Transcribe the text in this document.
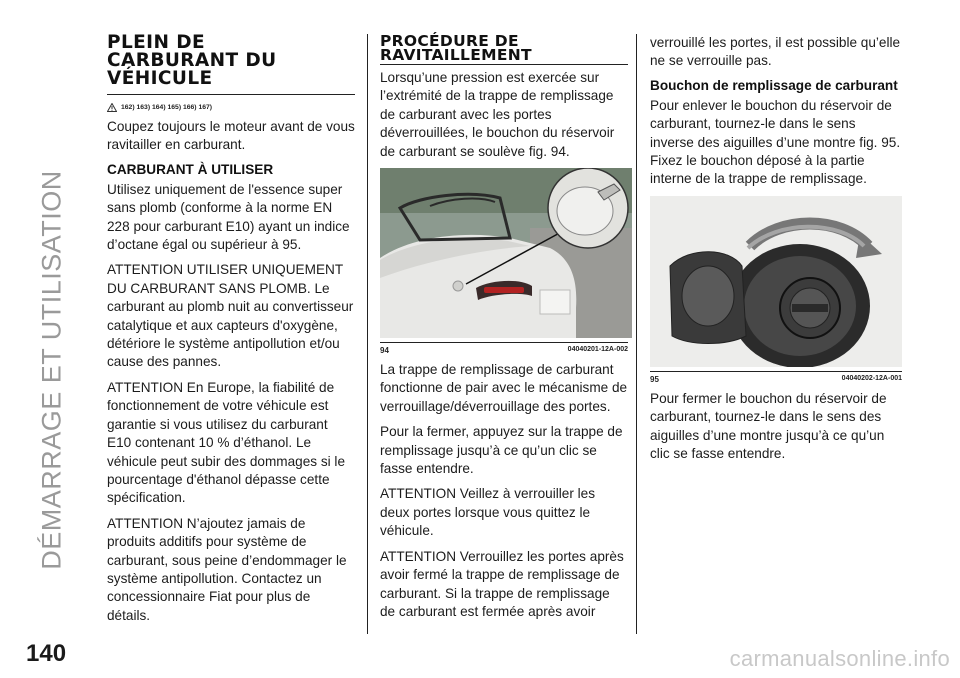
DÉMARRAGE ET UTILISATION
140	carmanualsonline.info
PLEIN DE
CARBURANT DU
VÉHICULE
162) 163) 164) 165) 166) 167)

Coupez toujours le moteur avant de vous ravitailler en carburant.

CARBURANT À UTILISER

Utilisez uniquement de l'essence super sans plomb (conforme à la norme EN 228 pour carburant E10) ayant un indice d’octane égal ou supérieur à 95.

ATTENTION UTILISER UNIQUEMENT DU CARBURANT SANS PLOMB. Le carburant au plomb nuit au convertisseur catalytique et aux capteurs d'oxygène, détériore le système antipollution et/ou cause des pannes.

ATTENTION En Europe, la fiabilité de fonctionnement de votre véhicule est garantie si vous utilisez du carburant E10 contenant 10 % d’éthanol. Le véhicule peut subir des dommages si le pourcentage d'éthanol dépasse cette spécification.

ATTENTION N’ajoutez jamais de produits additifs pour système de carburant, sous peine d’endommager le système antipollution. Contactez un concessionnaire Fiat pour plus de détails.

PROCÉDURE DE
RAVITAILLEMENT

Lorsqu’une pression est exercée sur l’extrémité de la trappe de remplissage de carburant avec les portes déverrouillées, le bouchon du réservoir de carburant se soulève fig. 94.

94	04040201-12A-002

La trappe de remplissage de carburant fonctionne de pair avec le mécanisme de verrouillage/déverrouillage des portes.

Pour la fermer, appuyez sur la trappe de remplissage jusqu’à ce qu’un clic se fasse entendre.

ATTENTION Veillez à verrouiller les deux portes lorsque vous quittez le véhicule.

ATTENTION Verrouillez les portes après avoir fermé la trappe de remplissage de carburant. Si la trappe de remplissage de carburant est fermée après avoir

verrouillé les portes, il est possible qu’elle ne se verrouille pas.

Bouchon de remplissage de carburant

Pour enlever le bouchon du réservoir de carburant, tournez-le dans le sens inverse des aiguilles d’une montre fig. 95. Fixez le bouchon déposé à la partie interne de la trappe de remplissage.

95	04040202-12A-001

Pour fermer le bouchon du réservoir de carburant, tournez-le dans le sens des aiguilles d’une montre jusqu’à ce qu’un clic se fasse entendre.
